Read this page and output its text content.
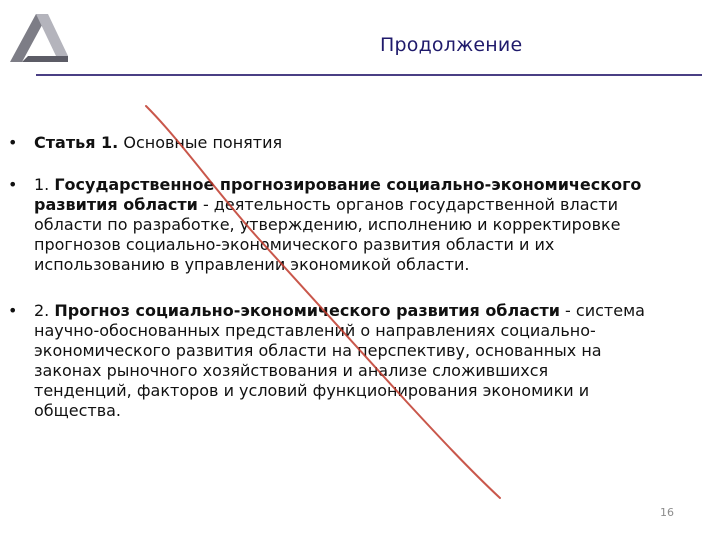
Продолжение
• Статья 1. Основные понятия

• 1. Государственное прогнозирование социально-экономического развития области - деятельность органов государственной власти области по разработке, утверждению, исполнению и корректировке прогнозов социально-экономического развития области и их использованию в управлении экономикой области.

• 2. Прогноз социально-экономического развития области - система научно-обоснованных представлений о направлениях социально-экономического развития области на перспективу, основанных на законах рыночного хозяйствования и анализе сложившихся тенденций, факторов и условий функционирования экономики и общества.

16
